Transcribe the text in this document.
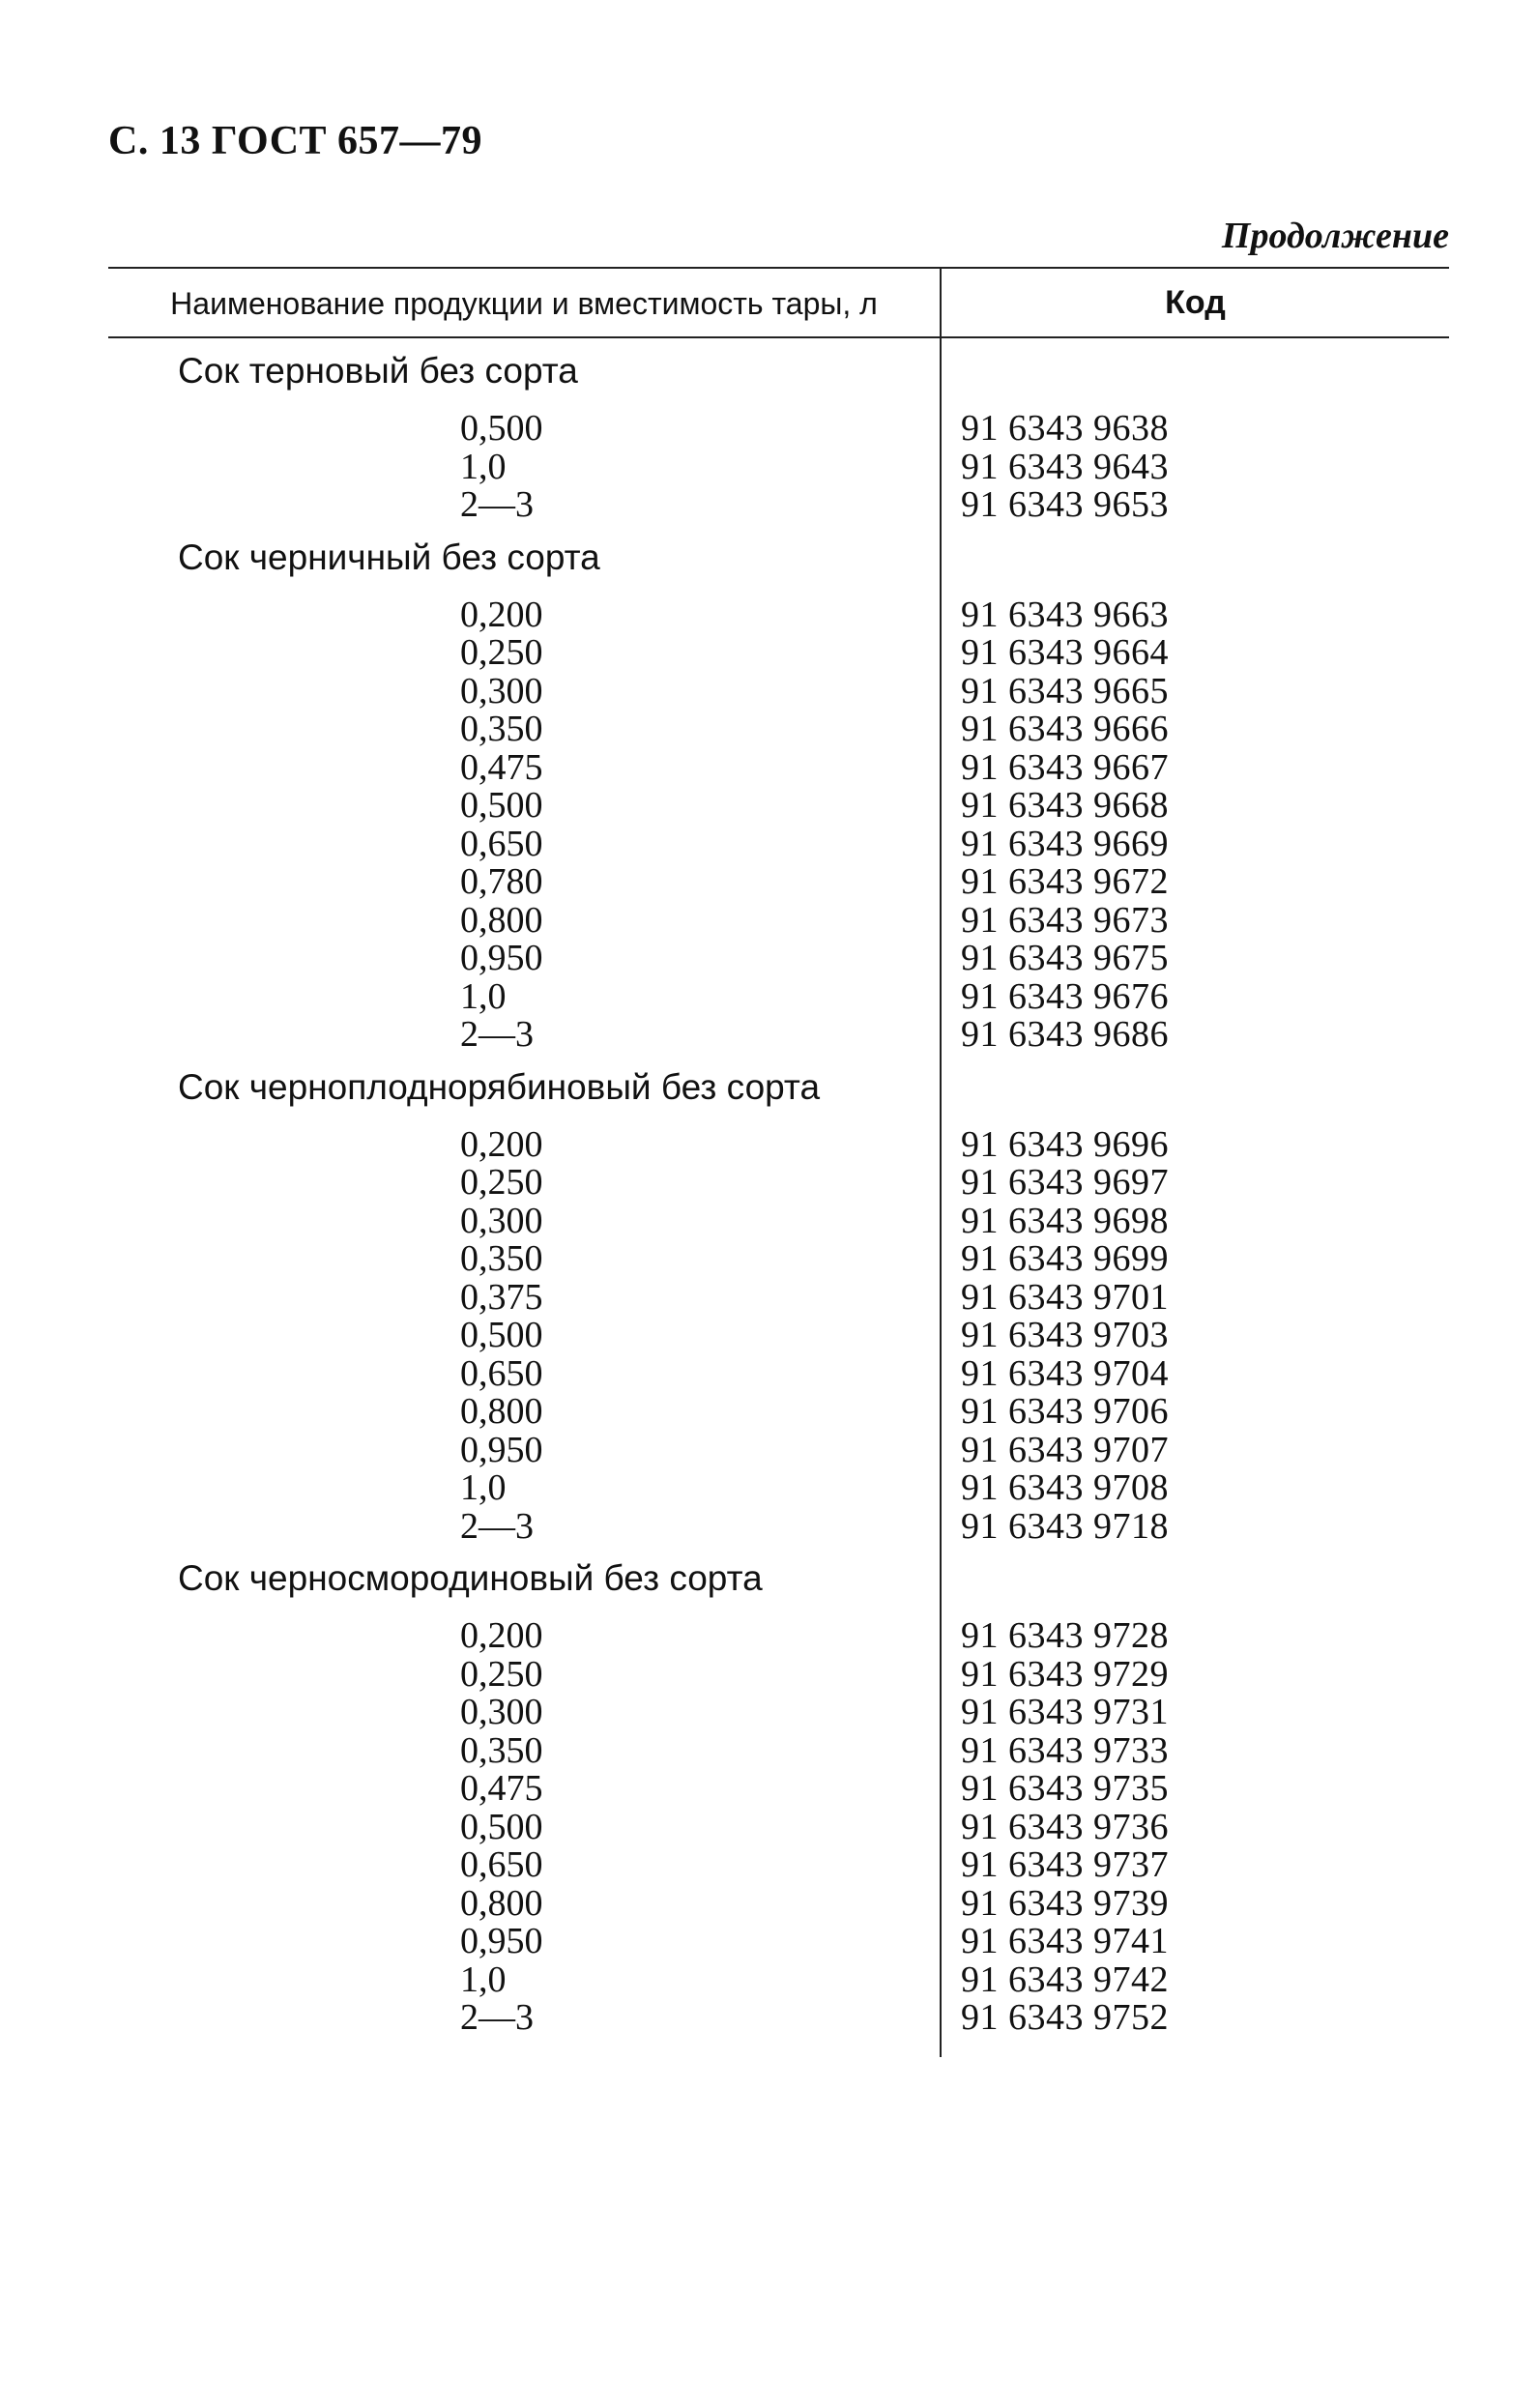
С. 13 ГОСТ 657—79
Продолжение
Наименование продукции и вместимость тары, л	Код
Сок терновый без сорта
0,500	91 6343 9638
1,0	91 6343 9643
2—3	91 6343 9653
Сок черничный без сорта
0,200	91 6343 9663
0,250	91 6343 9664
0,300	91 6343 9665
0,350	91 6343 9666
0,475	91 6343 9667
0,500	91 6343 9668
0,650	91 6343 9669
0,780	91 6343 9672
0,800	91 6343 9673
0,950	91 6343 9675
1,0	91 6343 9676
2—3	91 6343 9686
Сок черноплоднорябиновый без сорта
0,200	91 6343 9696
0,250	91 6343 9697
0,300	91 6343 9698
0,350	91 6343 9699
0,375	91 6343 9701
0,500	91 6343 9703
0,650	91 6343 9704
0,800	91 6343 9706
0,950	91 6343 9707
1,0	91 6343 9708
2—3	91 6343 9718
Сок черносмородиновый без сорта
0,200	91 6343 9728
0,250	91 6343 9729
0,300	91 6343 9731
0,350	91 6343 9733
0,475	91 6343 9735
0,500	91 6343 9736
0,650	91 6343 9737
0,800	91 6343 9739
0,950	91 6343 9741
1,0	91 6343 9742
2—3	91 6343 9752
